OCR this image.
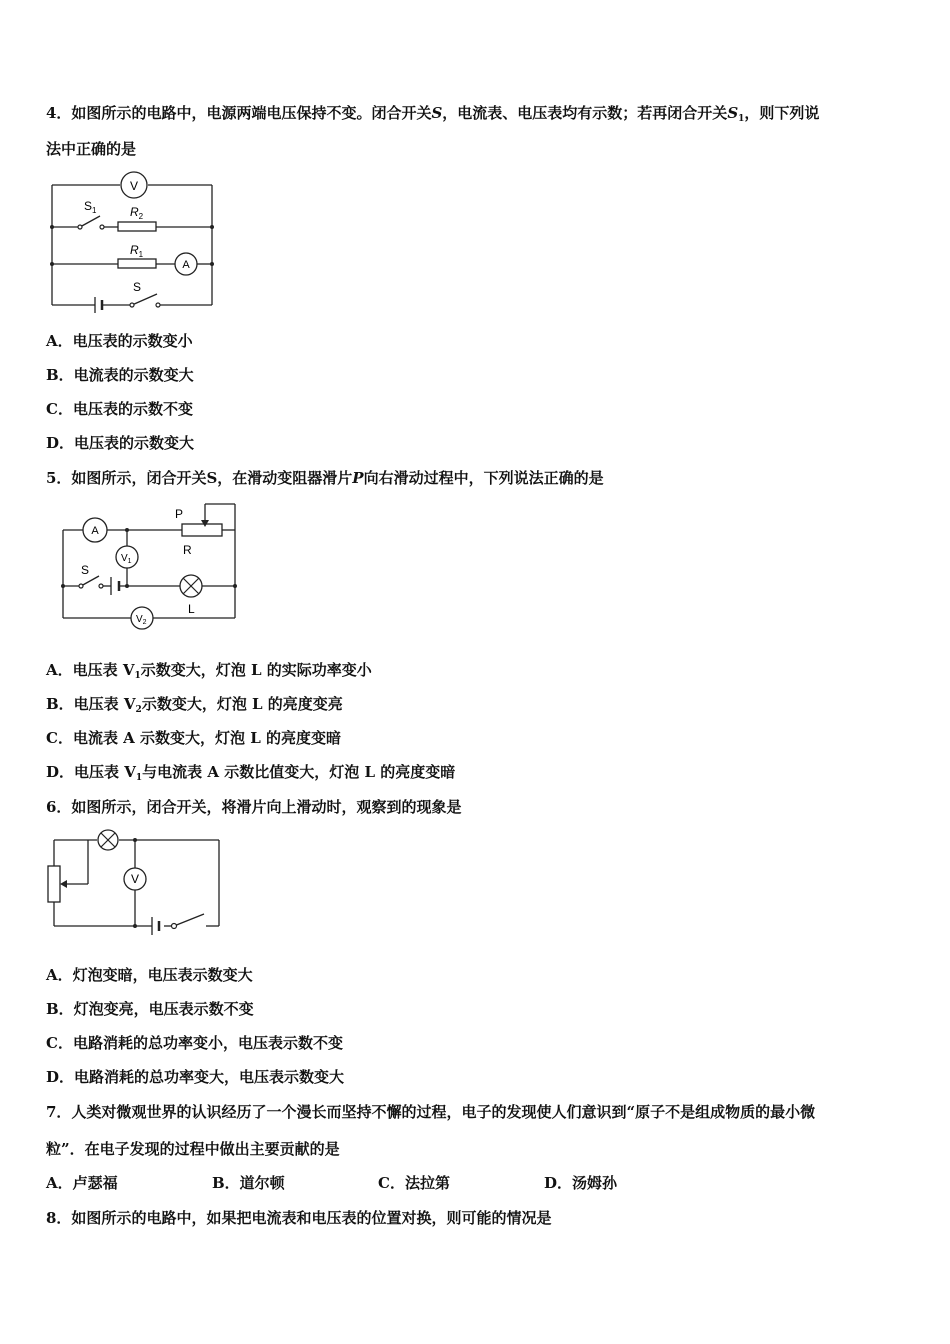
4．如图所示的电路中，电源两端电压保持不变。闭合开关S，电流表、电压表均有示数；若再闭合开关$S_1$，则下列说
法中正确的是
V
A
$S_1$	$R_2$
$R_1$
S
A．电压表的示数变小
B．电流表的示数变大
C．电压表的示数不变
D．电压表的示数变大
5．如图所示，闭合开关S，在滑动变阻器滑片P向右滑动过程中，下列说法正确的是
A
P
R
$V_1$
S
L
$V_2$
A．电压表 $V_1$示数变大，灯泡 L 的实际功率变小
B．电压表 $V_2$示数变大，灯泡 L 的亮度变亮
C．电流表 A 示数变大，灯泡 L 的亮度变暗
D．电压表 $V_1$与电流表 A 示数比值变大，灯泡 L 的亮度变暗
6．如图所示，闭合开关，将滑片向上滑动时，观察到的现象是
V
A．灯泡变暗，电压表示数变大
B．灯泡变亮，电压表示数不变
C．电路消耗的总功率变小，电压表示数不变
D．电路消耗的总功率变大，电压表示数变大
7．人类对微观世界的认识经历了一个漫长而坚持不懈的过程，电子的发现使人们意识到“原子不是组成物质的最小微
粒”．在电子发现的过程中做出主要贡献的是
A．卢瑟福	B．道尔顿	C．法拉第	D．汤姆孙
8．如图所示的电路中，如果把电流表和电压表的位置对换，则可能的情况是
